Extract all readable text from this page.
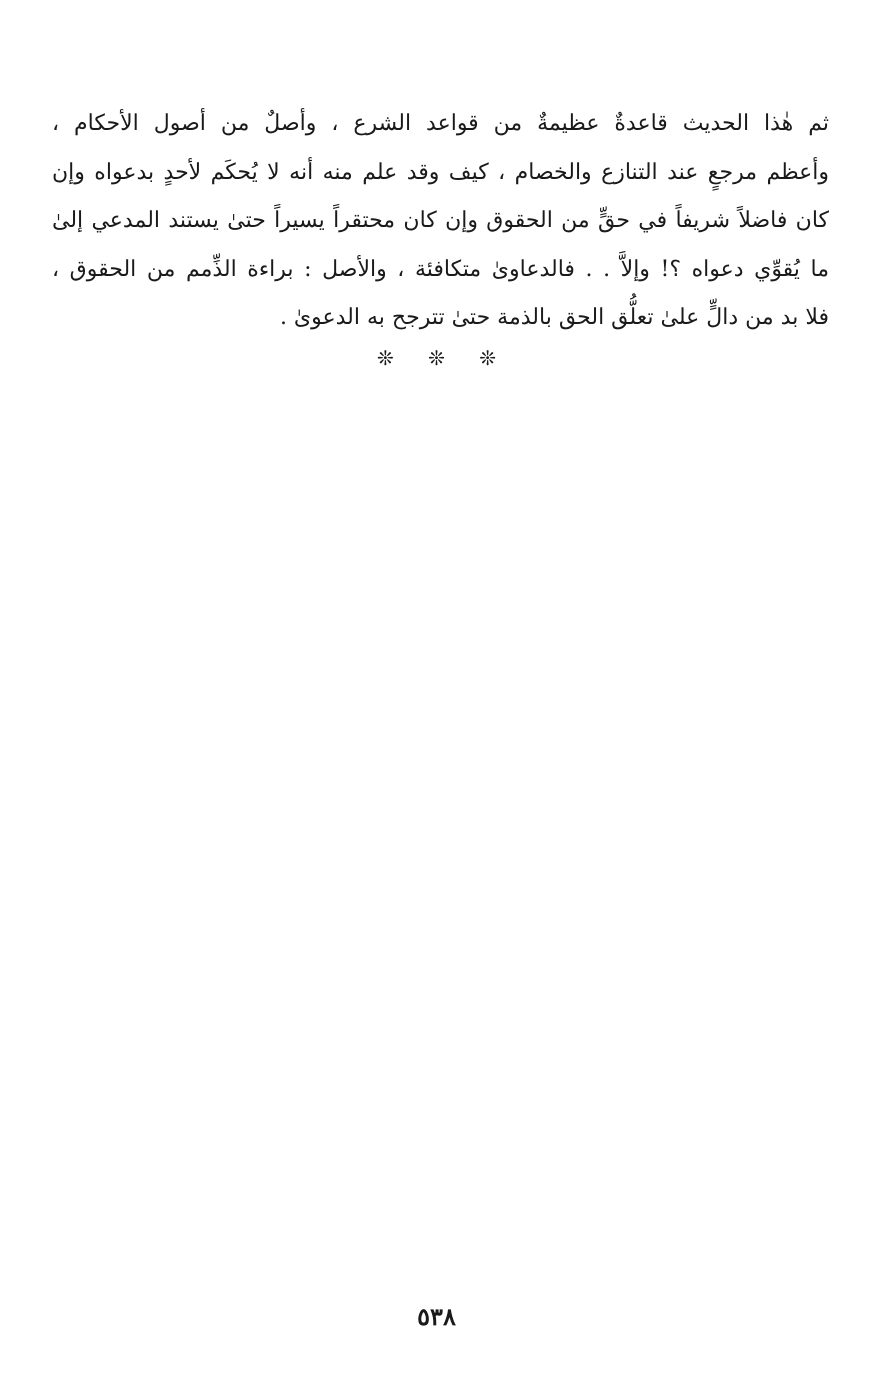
ثم هٰذا الحديث قاعدةٌ عظيمةٌ من قواعد الشرع ، وأصلٌ من أصول الأحكام ،
وأعظم مرجعٍ عند التنازع والخصام ، كيف وقد علم منه أنه لا يُحكَم لأحدٍ بدعواه وإن
كان فاضلاً شريفاً في حقٍّ من الحقوق وإن كان محتقراً يسيراً حتىٰ يستند المدعي إلىٰ
ما يُقوِّي دعواه ؟! وإلاَّ . . فالدعاوىٰ متكافئة ، والأصل : براءة الذِّمم من الحقوق ،
فلا بد من دالٍّ علىٰ تعلُّق الحق بالذمة حتىٰ تترجح به الدعوىٰ .
❊ ❊ ❊
٥٣٨
